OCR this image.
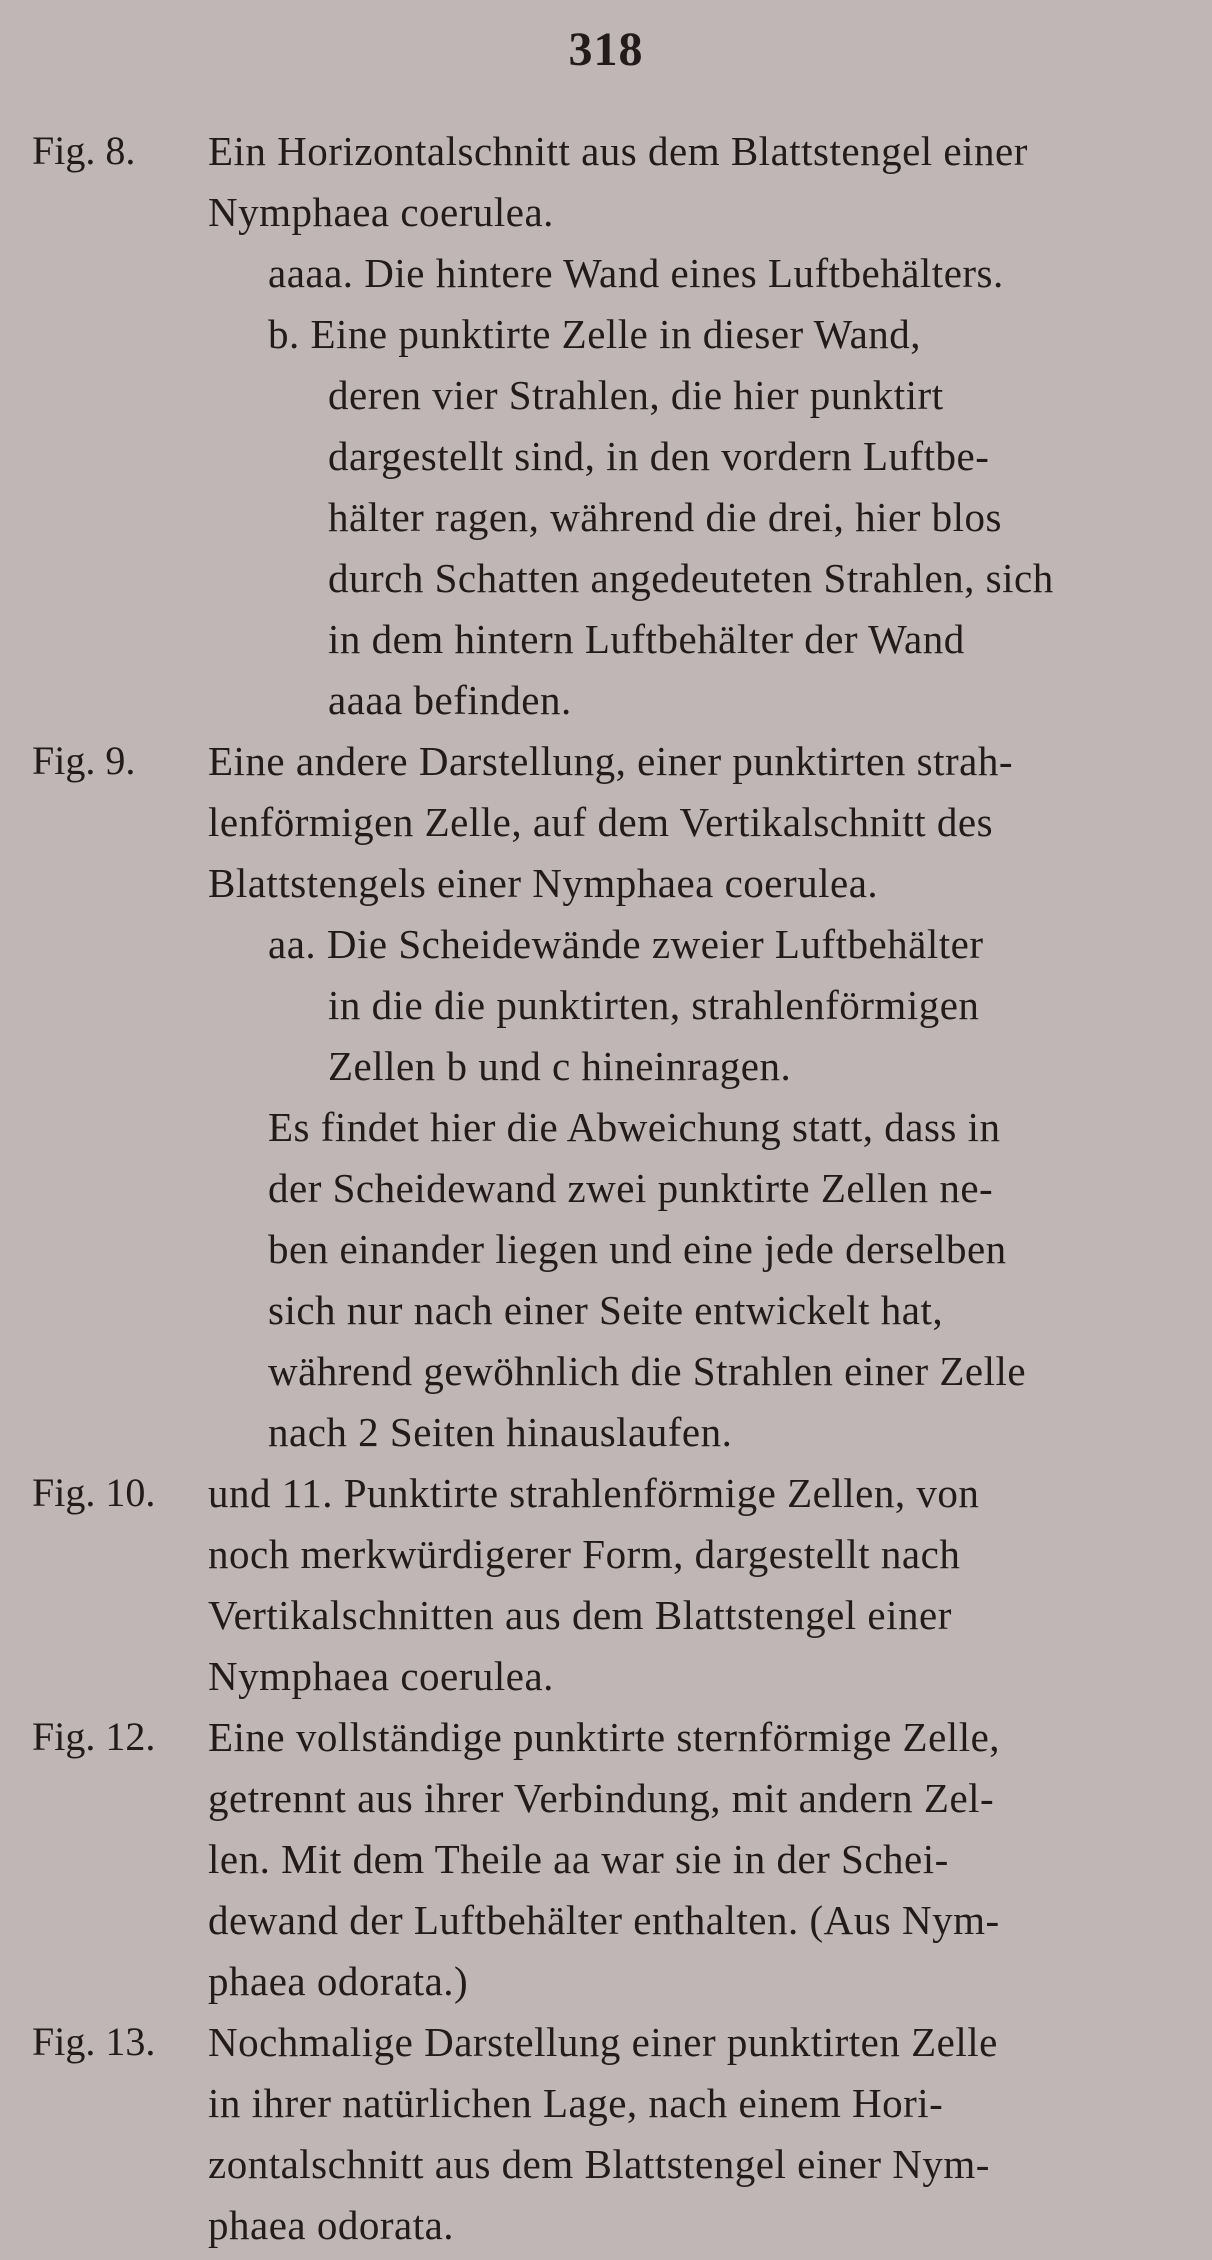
318
Fig. 8. Ein Horizontalschnitt aus dem Blattstengel einer
Nymphaea coerulea.
aaaa. Die hintere Wand eines Luftbehälters.
b. Eine punktirte Zelle in dieser Wand,
deren vier Strahlen, die hier punktirt
dargestellt sind, in den vordern Luftbe-
hälter ragen, während die drei, hier blos
durch Schatten angedeuteten Strahlen, sich
in dem hintern Luftbehälter der Wand
aaaa befinden.
Fig. 9. Eine andere Darstellung, einer punktirten strah-
lenförmigen Zelle, auf dem Vertikalschnitt des
Blattstengels einer Nymphaea coerulea.
aa. Die Scheidewände zweier Luftbehälter
in die die punktirten, strahlenförmigen
Zellen b und c hineinragen.
Es findet hier die Abweichung statt, dass in
der Scheidewand zwei punktirte Zellen ne-
ben einander liegen und eine jede derselben
sich nur nach einer Seite entwickelt hat,
während gewöhnlich die Strahlen einer Zelle
nach 2 Seiten hinauslaufen.
Fig. 10. und 11. Punktirte strahlenförmige Zellen, von
noch merkwürdigerer Form, dargestellt nach
Vertikalschnitten aus dem Blattstengel einer
Nymphaea coerulea.
Fig. 12. Eine vollständige punktirte sternförmige Zelle,
getrennt aus ihrer Verbindung, mit andern Zel-
len. Mit dem Theile aa war sie in der Schei-
dewand der Luftbehälter enthalten. (Aus Nym-
phaea odorata.)
Fig. 13. Nochmalige Darstellung einer punktirten Zelle
in ihrer natürlichen Lage, nach einem Hori-
zontalschnitt aus dem Blattstengel einer Nym-
phaea odorata.
